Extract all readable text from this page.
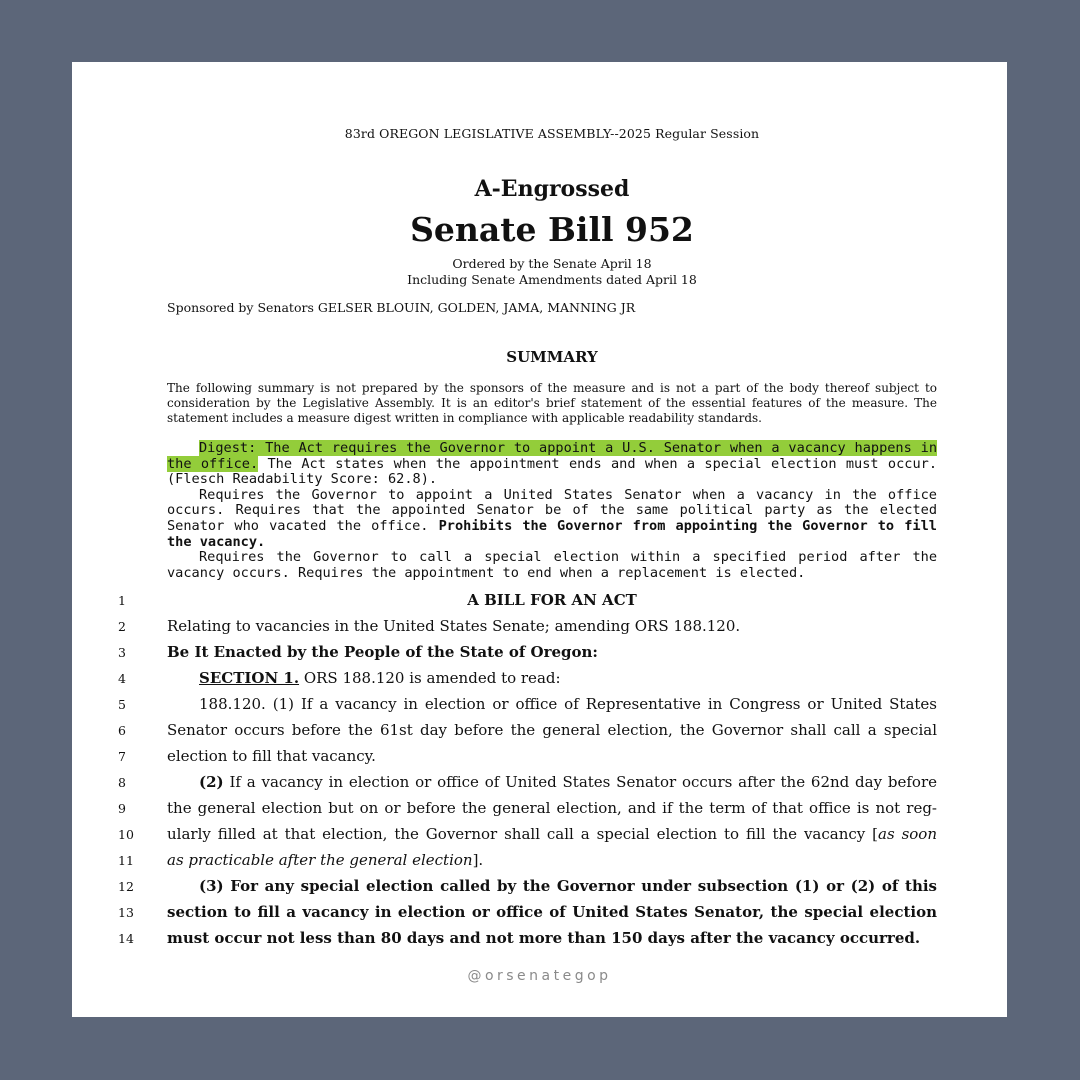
83rd OREGON LEGISLATIVE ASSEMBLY--2025 Regular Session
A-Engrossed
Senate Bill 952
Ordered by the Senate April 18
Including Senate Amendments dated April 18
Sponsored by Senators GELSER BLOUIN, GOLDEN, JAMA, MANNING JR
SUMMARY
The following summary is not prepared by the sponsors of the measure and is not a part of the body thereof subject to consideration by the Legislative Assembly. It is an editor's brief statement of the essential features of the measure. The statement includes a measure digest written in compliance with applicable readability standards.

Digest: The Act requires the Governor to appoint a U.S. Senator when a vacancy happens in the office. The Act states when the appointment ends and when a special election must occur. (Flesch Readability Score: 62.8).

Requires the Governor to appoint a United States Senator when a vacancy in the office occurs. Requires that the appointed Senator be of the same political party as the elected Senator who vacated the office. Prohibits the Governor from appointing the Governor to fill the vacancy.

Requires the Governor to call a special election within a specified period after the vacancy occurs. Requires the appointment to end when a replacement is elected.

1	A BILL FOR AN ACT
2	Relating to vacancies in the United States Senate; amending ORS 188.120.
3	Be It Enacted by the People of the State of Oregon:
4	SECTION 1. ORS 188.120 is amended to read:
5	188.120. (1) If a vacancy in election or office of Representative in Congress or United States
6	Senator occurs before the 61st day before the general election, the Governor shall call a special
7	election to fill that vacancy.
8	(2) If a vacancy in election or office of United States Senator occurs after the 62nd day before
9	the general election but on or before the general election, and if the term of that office is not reg-
10	ularly filled at that election, the Governor shall call a special election to fill the vacancy [as soon
11	as practicable after the general election].
12	(3) For any special election called by the Governor under subsection (1) or (2) of this
13	section to fill a vacancy in election or office of United States Senator, the special election
14	must occur not less than 80 days and not more than 150 days after the vacancy occurred.
@orsenategop
